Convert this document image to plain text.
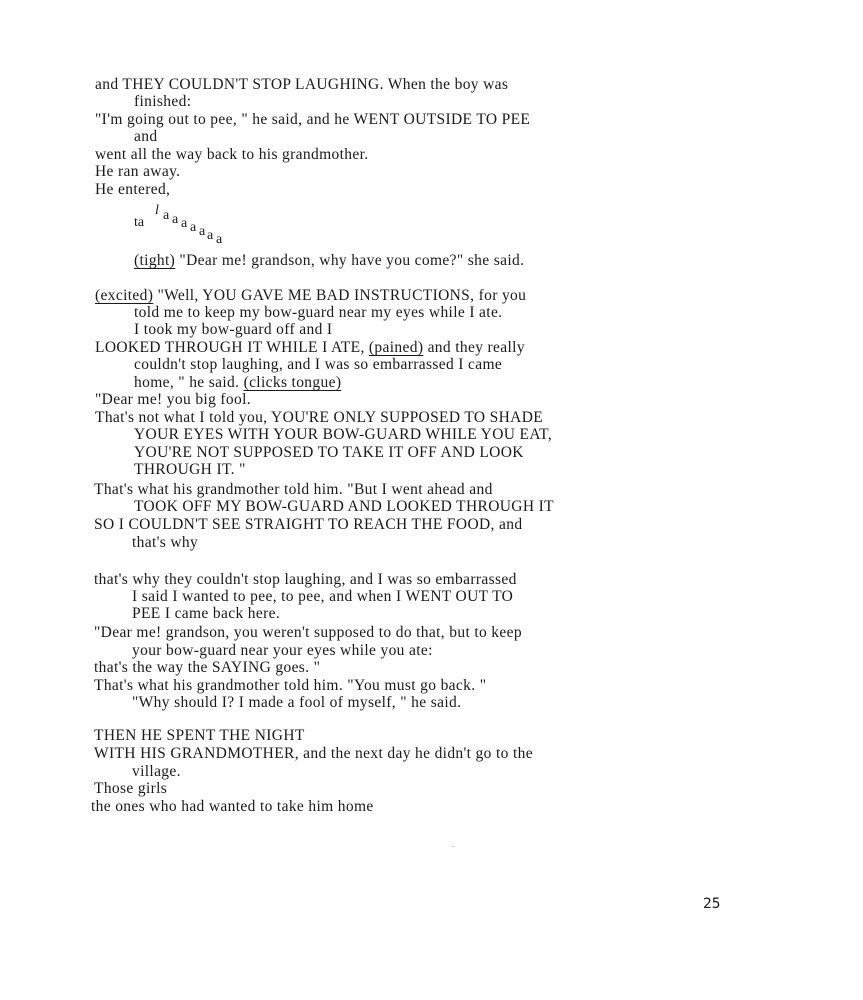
and THEY COULDN'T STOP LAUGHING. When the boy was
finished:
"I'm going out to pee, " he said, and he WENT OUTSIDE TO PEE
and
went all the way back to his grandmother.
He ran away.
He entered,
(tight) "Dear me! grandson, why have you come?" she said.
(excited) "Well, YOU GAVE ME BAD INSTRUCTIONS, for you
told me to keep my bow-guard near my eyes while I ate.
I took my bow-guard off and I
LOOKED THROUGH IT WHILE I ATE, (pained) and they really
couldn't stop laughing, and I was so embarrassed I came
home, " he said. (clicks tongue)
"Dear me! you big fool.
That's not what I told you, YOU'RE ONLY SUPPOSED TO SHADE
YOUR EYES WITH YOUR BOW-GUARD WHILE YOU EAT,
YOU'RE NOT SUPPOSED TO TAKE IT OFF AND LOOK
THROUGH IT. "
That's what his grandmother told him. "But I went ahead and
TOOK OFF MY BOW-GUARD AND LOOKED THROUGH IT
SO I COULDN'T SEE STRAIGHT TO REACH THE FOOD, and
that's why
that's why they couldn't stop laughing, and I was so embarrassed
I said I wanted to pee, to pee, and when I WENT OUT TO
PEE I came back here.
"Dear me! grandson, you weren't supposed to do that, but to keep
your bow-guard near your eyes while you ate:
that's the way the SAYING goes. "
That's what his grandmother told him. "You must go back. "
"Why should I? I made a fool of myself, " he said.
THEN HE SPENT THE NIGHT
WITH HIS GRANDMOTHER, and the next day he didn't go to the
village.
Those girls
the ones who had wanted to take him home
ta
l a a a a a a a
25
